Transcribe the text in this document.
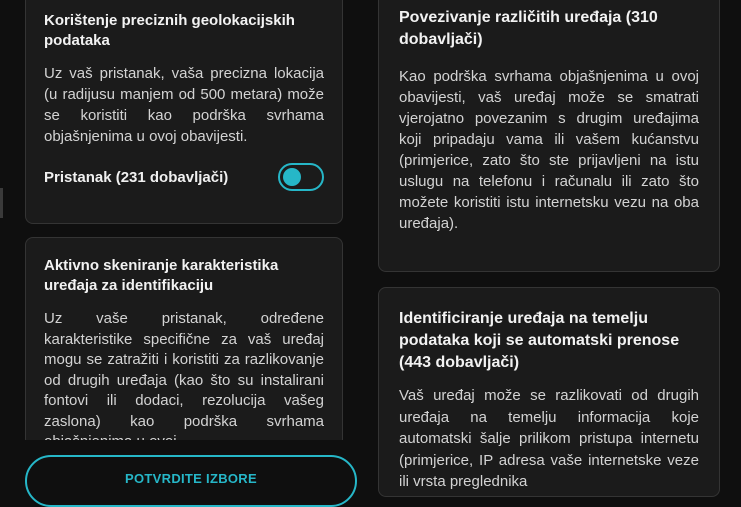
Korištenje preciznih geolokacijskih podataka

Uz vaš pristanak, vaša precizna lokacija (u radijusu manjem od 500 metara) može se koristiti kao podrška svrhama objašnjenima u ovoj obavijesti.

Pristanak (231 dobavljači)
Aktivno skeniranje karakteristika uređaja za identifikaciju

Uz vaše pristanak, određene karakteristike specifične za vaš uređaj mogu se zatražiti i koristiti za razlikovanje od drugih uređaja (kao što su instalirani fontovi ili dodaci, rezolucija vašeg zaslona) kao podrška svrhama

Povezivanje različitih uređaja (310 dobavljači)

Kao podrška svrhama objašnjenima u ovoj obavijesti, vaš uređaj može se smatrati vjerojatno povezanim s drugim uređajima koji pripadaju vama ili vašem kućanstvu (primjerice, zato što ste prijavljeni na istu uslugu na telefonu i računalu ili zato što možete koristiti istu internetsku vezu na oba uređaja).

Identificiranje uređaja na temelju podataka koji se automatski prenose (443 dobavljači)

Vaš uređaj može se razlikovati od drugih uređaja na temelju informacija koje automatski šalje prilikom pristupa internetu (primjerice, IP adresa vaše internetske veze ili vrsta preglednika

POTVRDITE IZBORE
